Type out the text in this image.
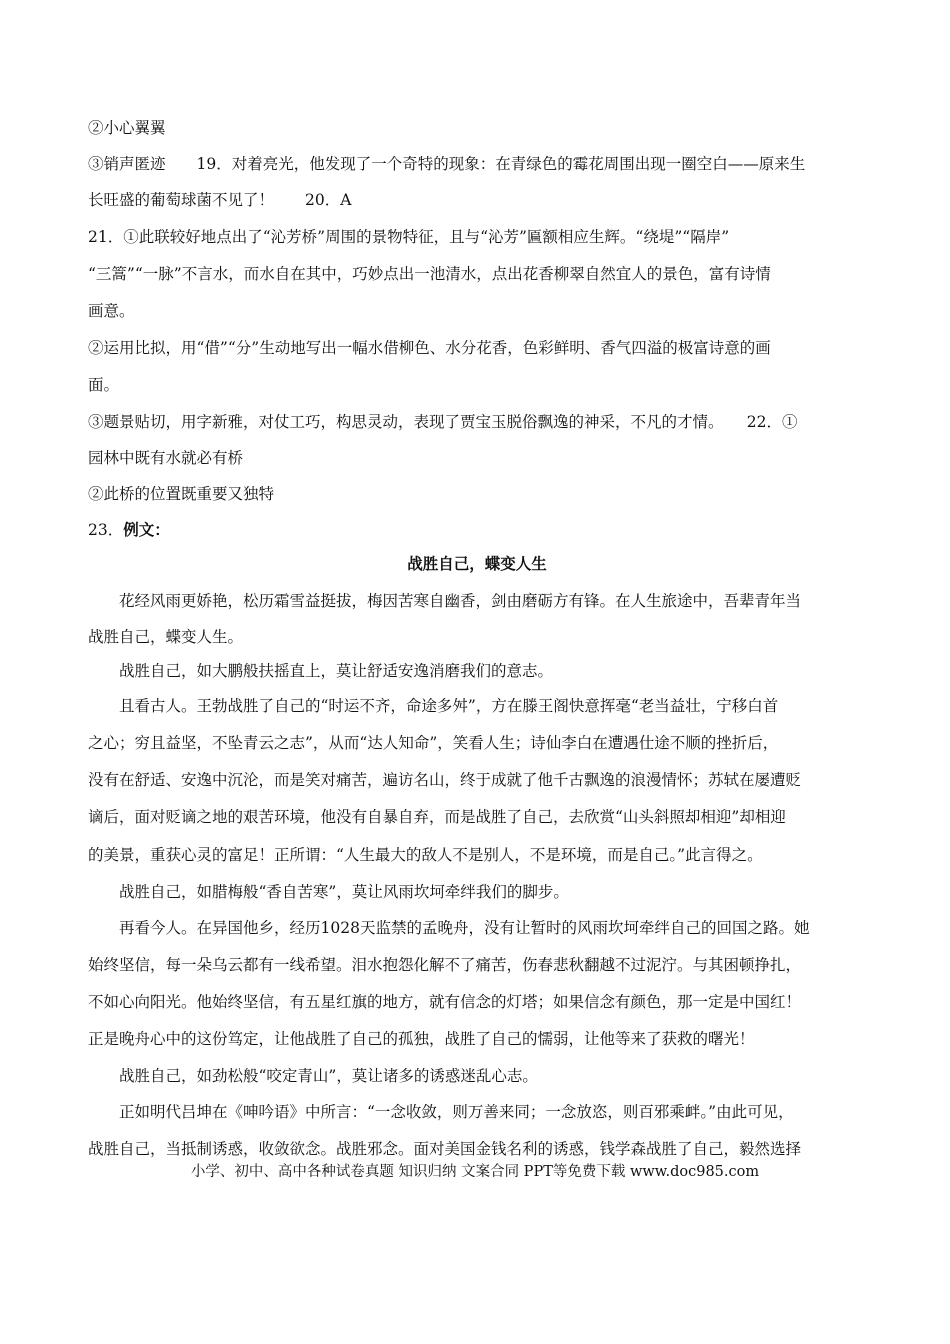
②小心翼翼
③销声匿迹　　19．对着亮光，他发现了一个奇特的现象：在青绿色的霉花周围出现一圈空白——原来生
长旺盛的葡萄球菌不见了！　　20．A
21．①此联较好地点出了“沁芳桥”周围的景物特征，且与“沁芳”匾额相应生辉。“绕堤”“隔岸”
“三篙”“一脉”不言水，而水自在其中，巧妙点出一池清水，点出花香柳翠自然宜人的景色，富有诗情
画意。
②运用比拟，用“借”“分”生动地写出一幅水借柳色、水分花香，色彩鲜明、香气四溢的极富诗意的画
面。
③题景贴切，用字新雅，对仗工巧，构思灵动，表现了贾宝玉脱俗飘逸的神采，不凡的才情。　　22．①
园林中既有水就必有桥
②此桥的位置既重要又独特
23．例文：
战胜自己，蝶变人生
花经风雨更娇艳，松历霜雪益挺拔，梅因苦寒自幽香，剑由磨砺方有锋。在人生旅途中，吾辈青年当
战胜自己，蝶变人生。
战胜自己，如大鹏般扶摇直上，莫让舒适安逸消磨我们的意志。
且看古人。王勃战胜了自己的“时运不齐，命途多舛”，方在滕王阁快意挥毫“老当益壮，宁移白首
之心；穷且益坚，不坠青云之志”，从而“达人知命”，笑看人生；诗仙李白在遭遇仕途不顺的挫折后，
没有在舒适、安逸中沉沦，而是笑对痛苦，遍访名山，终于成就了他千古飘逸的浪漫情怀；苏轼在屡遭贬
谪后，面对贬谪之地的艰苦环境，他没有自暴自弃，而是战胜了自己，去欣赏“山头斜照却相迎”却相迎
的美景，重获心灵的富足！正所谓：“人生最大的敌人不是别人，不是环境，而是自己。”此言得之。
战胜自己，如腊梅般“香自苦寒”，莫让风雨坎坷牵绊我们的脚步。
再看今人。在异国他乡，经历1028天监禁的孟晚舟，没有让暂时的风雨坎坷牵绊自己的回国之路。她
始终坚信，每一朵乌云都有一线希望。泪水抱怨化解不了痛苦，伤春悲秋翻越不过泥泞。与其困顿挣扎，
不如心向阳光。他始终坚信，有五星红旗的地方，就有信念的灯塔；如果信念有颜色，那一定是中国红！
正是晚舟心中的这份笃定，让他战胜了自己的孤独，战胜了自己的懦弱，让他等来了获救的曙光！
战胜自己，如劲松般“咬定青山”，莫让诸多的诱惑迷乱心志。
正如明代吕坤在《呻吟语》中所言：“一念收敛，则万善来同；一念放恣，则百邪乘衅。”由此可见，
战胜自己，当抵制诱惑，收敛欲念。战胜邪念。面对美国金钱名利的诱惑，钱学森战胜了自己，毅然选择
小学、初中、高中各种试卷真题 知识归纳 文案合同 PPT等免费下载 www.doc985.com
